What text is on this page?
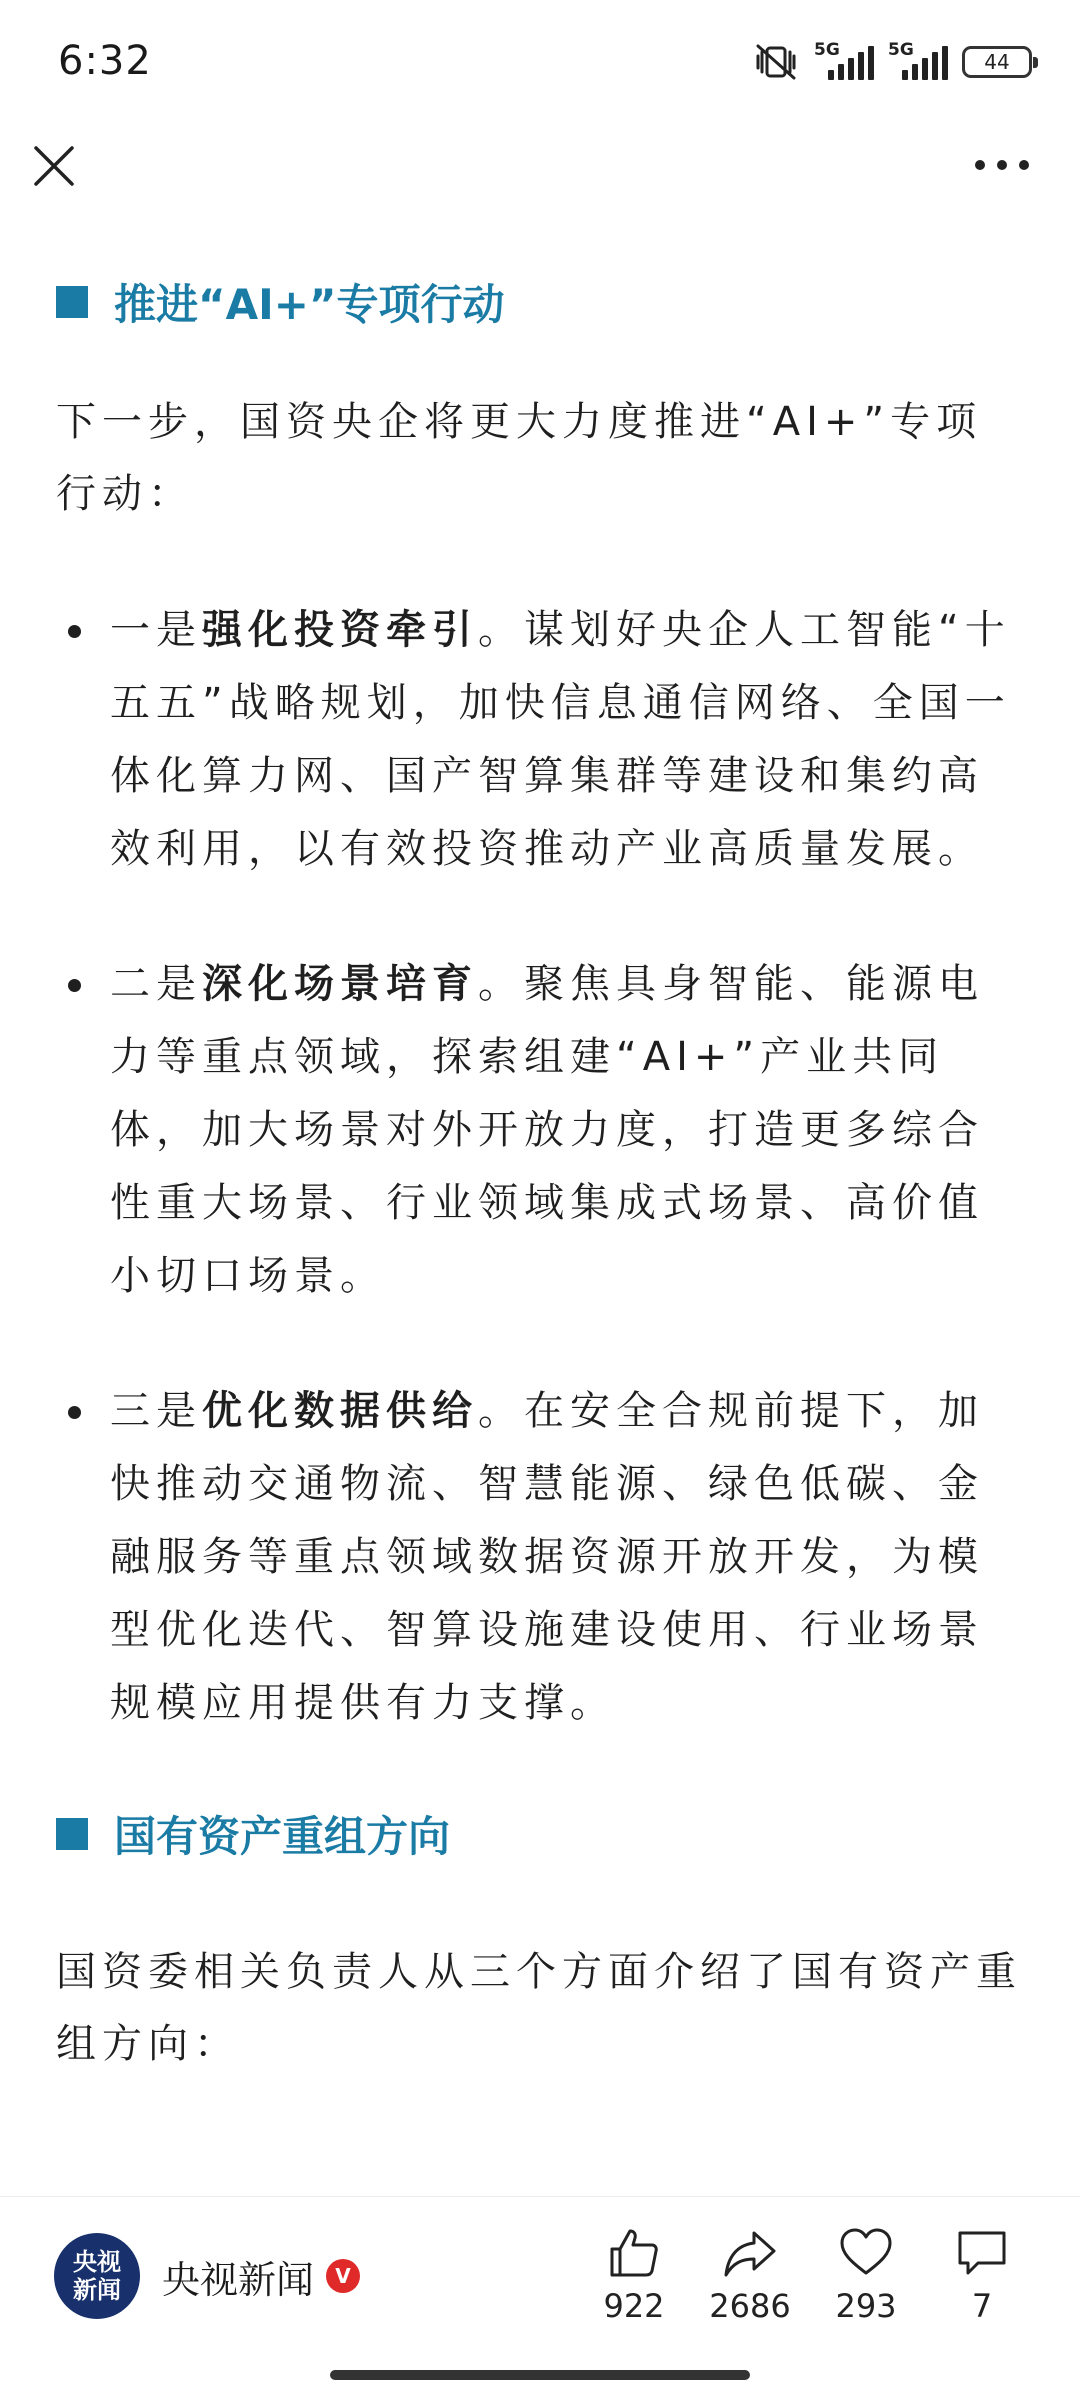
6:32	5G	5G	44
推进“AI+”专项行动

下一步，国资央企将更大力度推进“AI+”专项行动：

一是强化投资牵引。谋划好央企人工智能“十五五”战略规划，加快信息通信网络、全国一体化算力网、国产智算集群等建设和集约高效利用，以有效投资推动产业高质量发展。
二是深化场景培育。聚焦具身智能、能源电力等重点领域，探索组建“AI+”产业共同体，加大场景对外开放力度，打造更多综合性重大场景、行业领域集成式场景、高价值小切口场景。
三是优化数据供给。在安全合规前提下，加快推动交通物流、智慧能源、绿色低碳、金融服务等重点领域数据资源开放开发，为模型优化迭代、智算设施建设使用、行业场景规模应用提供有力支撑。
国有资产重组方向

国资委相关负责人从三个方面介绍了国有资产重组方向：

央视
新闻 央视新闻	V
922 2686 293 7
